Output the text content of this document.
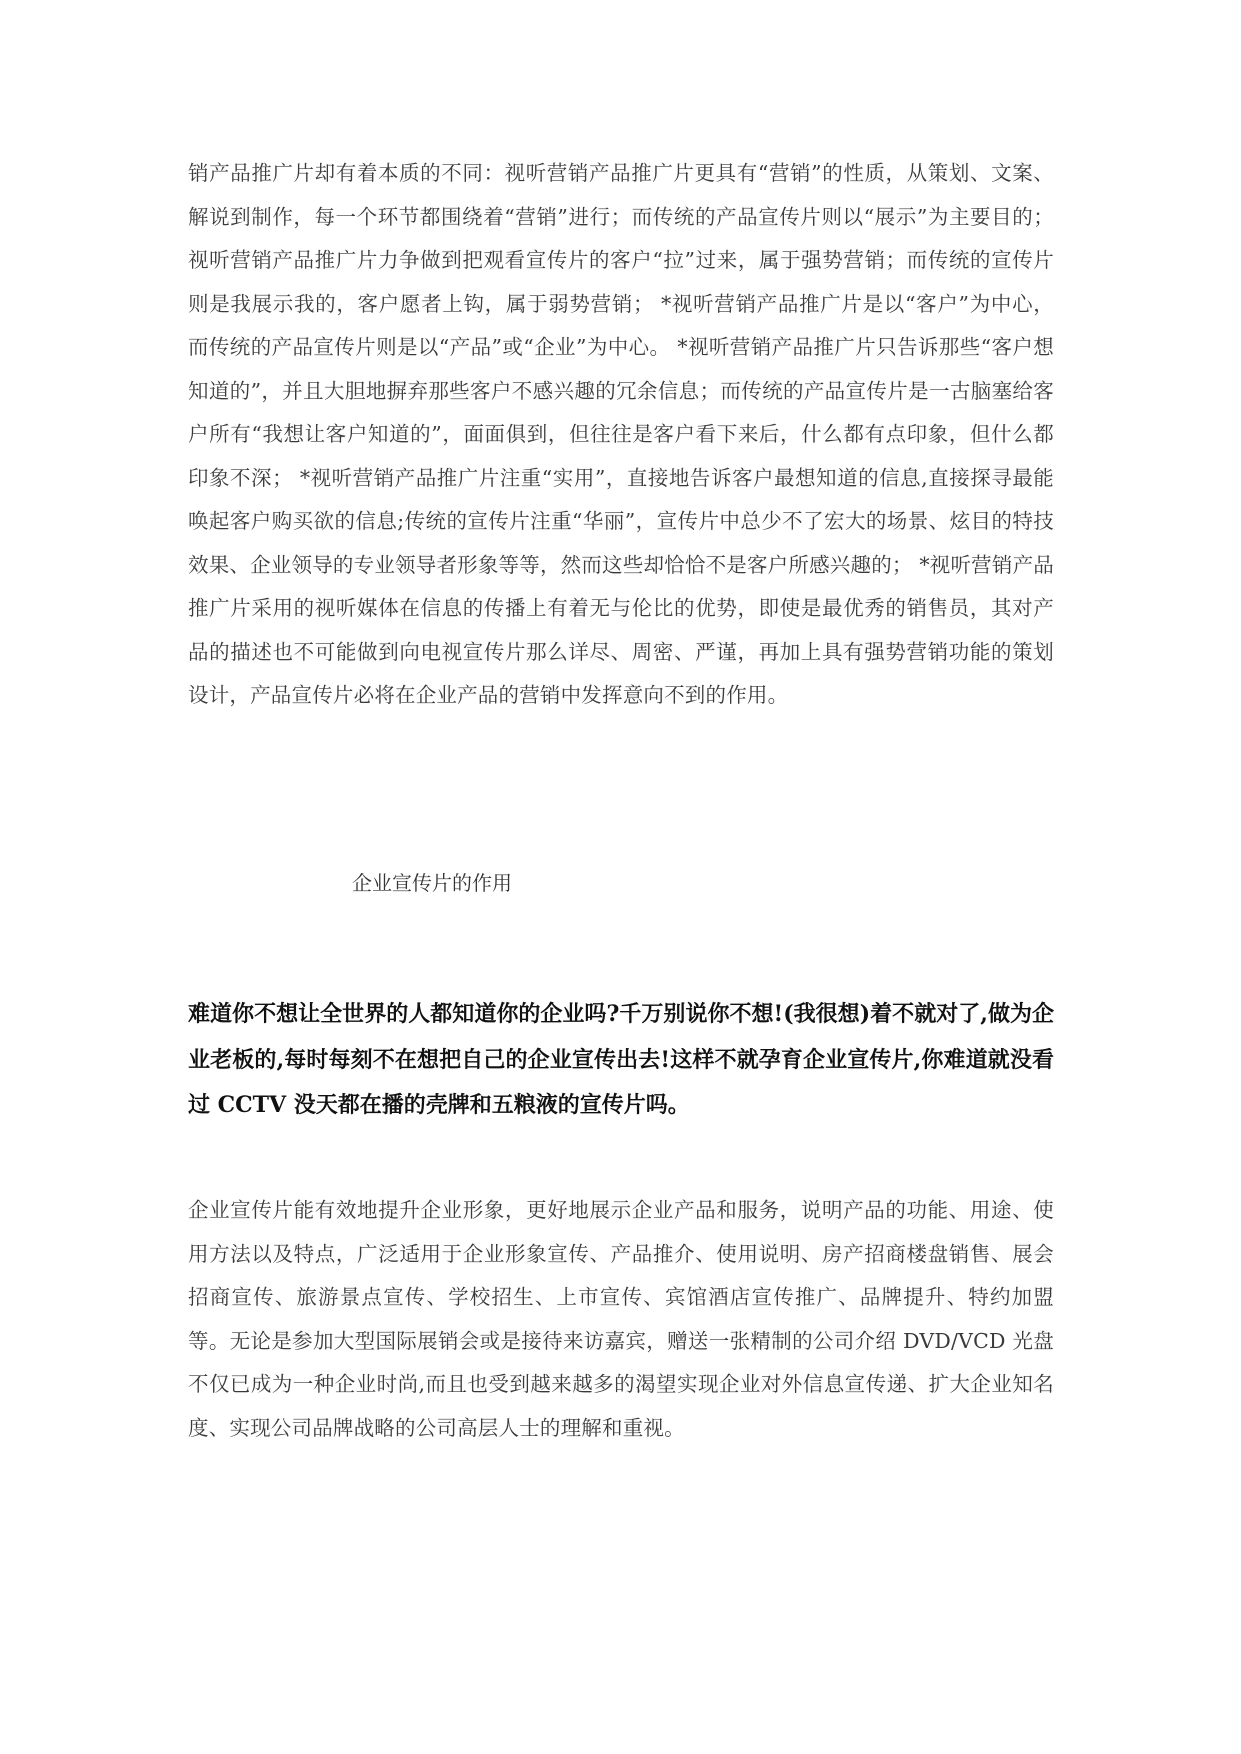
销产品推广片却有着本质的不同：视听营销产品推广片更具有“营销”的性质，从策划、文案、解说到制作，每一个环节都围绕着“营销”进行；而传统的产品宣传片则以“展示”为主要目的；视听营销产品推广片力争做到把观看宣传片的客户“拉”过来，属于强势营销；而传统的宣传片则是我展示我的，客户愿者上钩，属于弱势营销； *视听营销产品推广片是以“客户”为中心，而传统的产品宣传片则是以“产品”或“企业”为中心。 *视听营销产品推广片只告诉那些“客户想知道的”，并且大胆地摒弃那些客户不感兴趣的冗余信息；而传统的产品宣传片是一古脑塞给客户所有“我想让客户知道的”，面面俱到，但往往是客户看下来后，什么都有点印象，但什么都印象不深； *视听营销产品推广片注重“实用”，直接地告诉客户最想知道的信息,直接探寻最能唤起客户购买欲的信息;传统的宣传片注重“华丽”，宣传片中总少不了宏大的场景、炫目的特技效果、企业领导的专业领导者形象等等，然而这些却恰恰不是客户所感兴趣的； *视听营销产品推广片采用的视听媒体在信息的传播上有着无与伦比的优势，即使是最优秀的销售员，其对产品的描述也不可能做到向电视宣传片那么详尽、周密、严谨，再加上具有强势营销功能的策划设计，产品宣传片必将在企业产品的营销中发挥意向不到的作用。

企业宣传片的作用

难道你不想让全世界的人都知道你的企业吗?千万别说你不想!(我很想)着不就对了,做为企业老板的,每时每刻不在想把自己的企业宣传出去!这样不就孕育企业宣传片,你难道就没看过 CCTV 没天都在播的壳牌和五粮液的宣传片吗。

企业宣传片能有效地提升企业形象，更好地展示企业产品和服务，说明产品的功能、用途、使用方法以及特点，广泛适用于企业形象宣传、产品推介、使用说明、房产招商楼盘销售、展会招商宣传、旅游景点宣传、学校招生、上市宣传、宾馆酒店宣传推广、品牌提升、特约加盟等。无论是参加大型国际展销会或是接待来访嘉宾，赠送一张精制的公司介绍 DVD/VCD 光盘不仅已成为一种企业时尚,而且也受到越来越多的渴望实现企业对外信息宣传递、扩大企业知名度、实现公司品牌战略的公司高层人士的理解和重视。
